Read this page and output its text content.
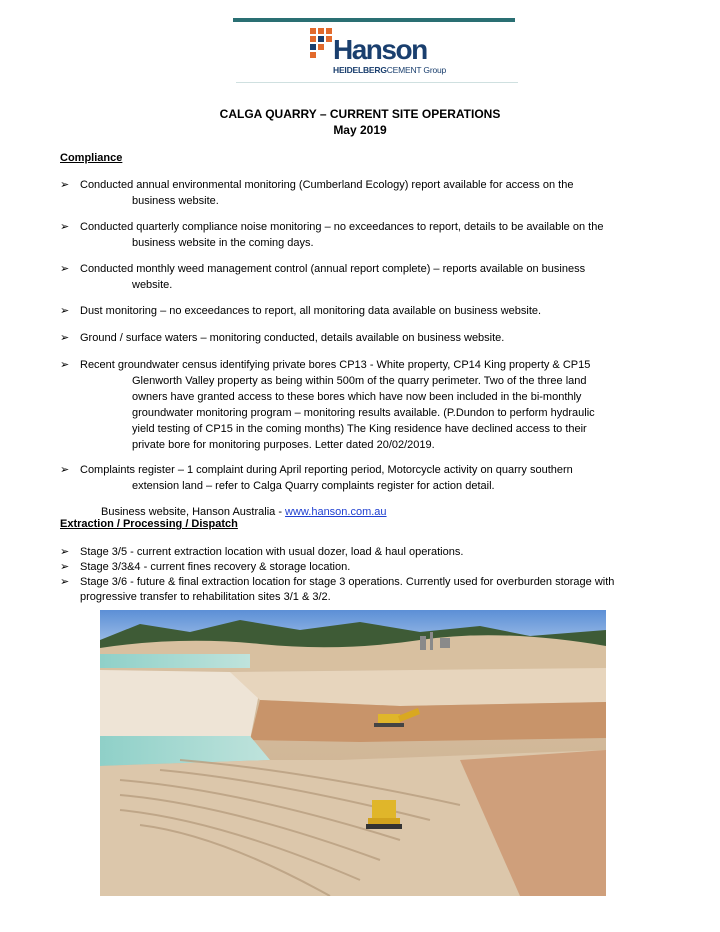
Hanson
HEIDELBERGCEMENT Group
CALGA QUARRY – CURRENT SITE OPERATIONS
May 2019
Compliance
➢ Conducted annual environmental monitoring (Cumberland Ecology) report available for access on the
business website.
➢ Conducted quarterly compliance noise monitoring – no exceedances to report, details to be available on the
business website in the coming days.
➢ Conducted monthly weed management control (annual report complete) – reports available on business
website.
➢ Dust monitoring – no exceedances to report, all monitoring data available on business website.
➢ Ground / surface waters – monitoring conducted, details available on business website.
➢ Recent groundwater census identifying private bores CP13 - White property, CP14 King property & CP15
Glenworth Valley property as being within 500m of the quarry perimeter. Two of the three land
owners have granted access to these bores which have now been included in the bi-monthly
groundwater monitoring program – monitoring results available. (P.Dundon to perform hydraulic
yield testing of CP15 in the coming months) The King residence have declined access to their
private bore for monitoring purposes. Letter dated 20/02/2019.
➢ Complaints register – 1 complaint during April reporting period, Motorcycle activity on quarry southern
extension land – refer to Calga Quarry complaints register for action detail.
Business website, Hanson Australia - www.hanson.com.au
Extraction / Processing / Dispatch
➢ Stage 3/5 - current extraction location with usual dozer, load & haul operations.
➢ Stage 3/3&4 - current fines recovery & storage location.
➢ Stage 3/6 - future & final extraction location for stage 3 operations. Currently used for overburden storage with
progressive transfer to rehabilitation sites 3/1 & 3/2.
